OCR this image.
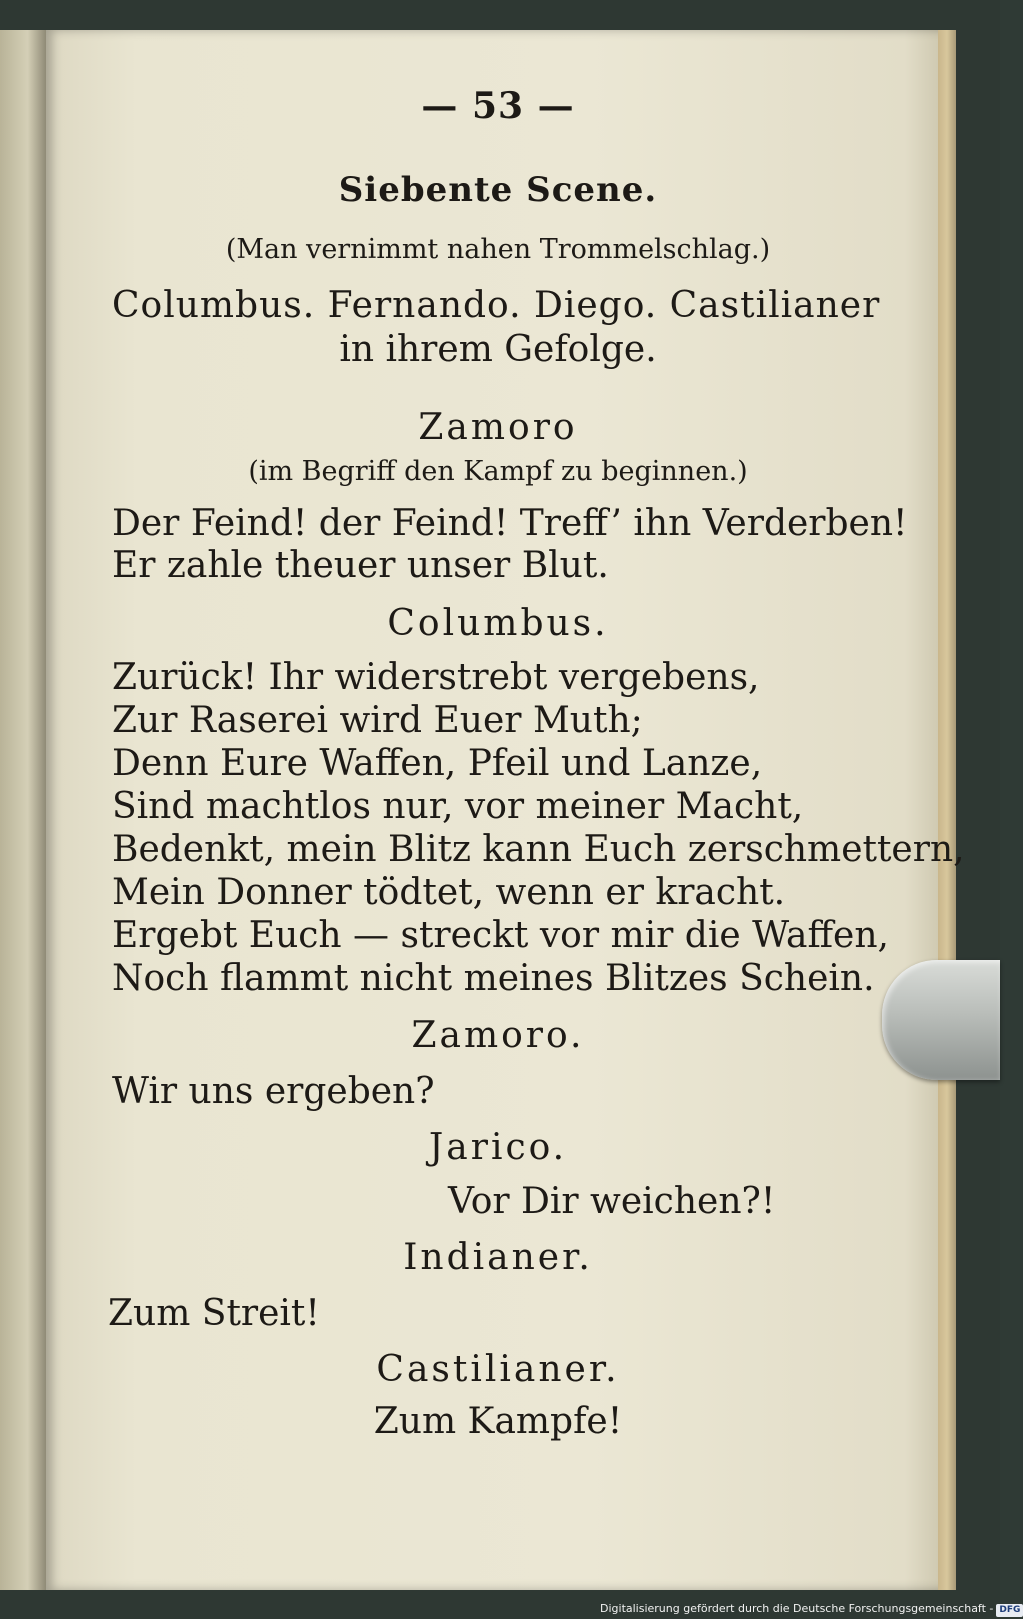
— 53 —
Siebente Scene.
(Man vernimmt nahen Trommelschlag.)
Columbus. Fernando. Diego. Castilianer
in ihrem Gefolge.
Zamoro
(im Begriff den Kampf zu beginnen.)
Der Feind! der Feind! Treff’ ihn Verderben!
Er zahle theuer unser Blut.
Columbus.
Zurück! Ihr widerstrebt vergebens,
Zur Raserei wird Euer Muth;
Denn Eure Waffen, Pfeil und Lanze,
Sind machtlos nur, vor meiner Macht,
Bedenkt, mein Blitz kann Euch zerschmettern,
Mein Donner tödtet, wenn er kracht.
Ergebt Euch — streckt vor mir die Waffen,
Noch flammt nicht meines Blitzes Schein.
Zamoro.
Wir uns ergeben?
Jarico.
Vor Dir weichen?!
Indianer.
Zum Streit!
Castilianer.
Zum Kampfe!
Digitalisierung gefördert durch die Deutsche Forschungsgemeinschaft - DFG
